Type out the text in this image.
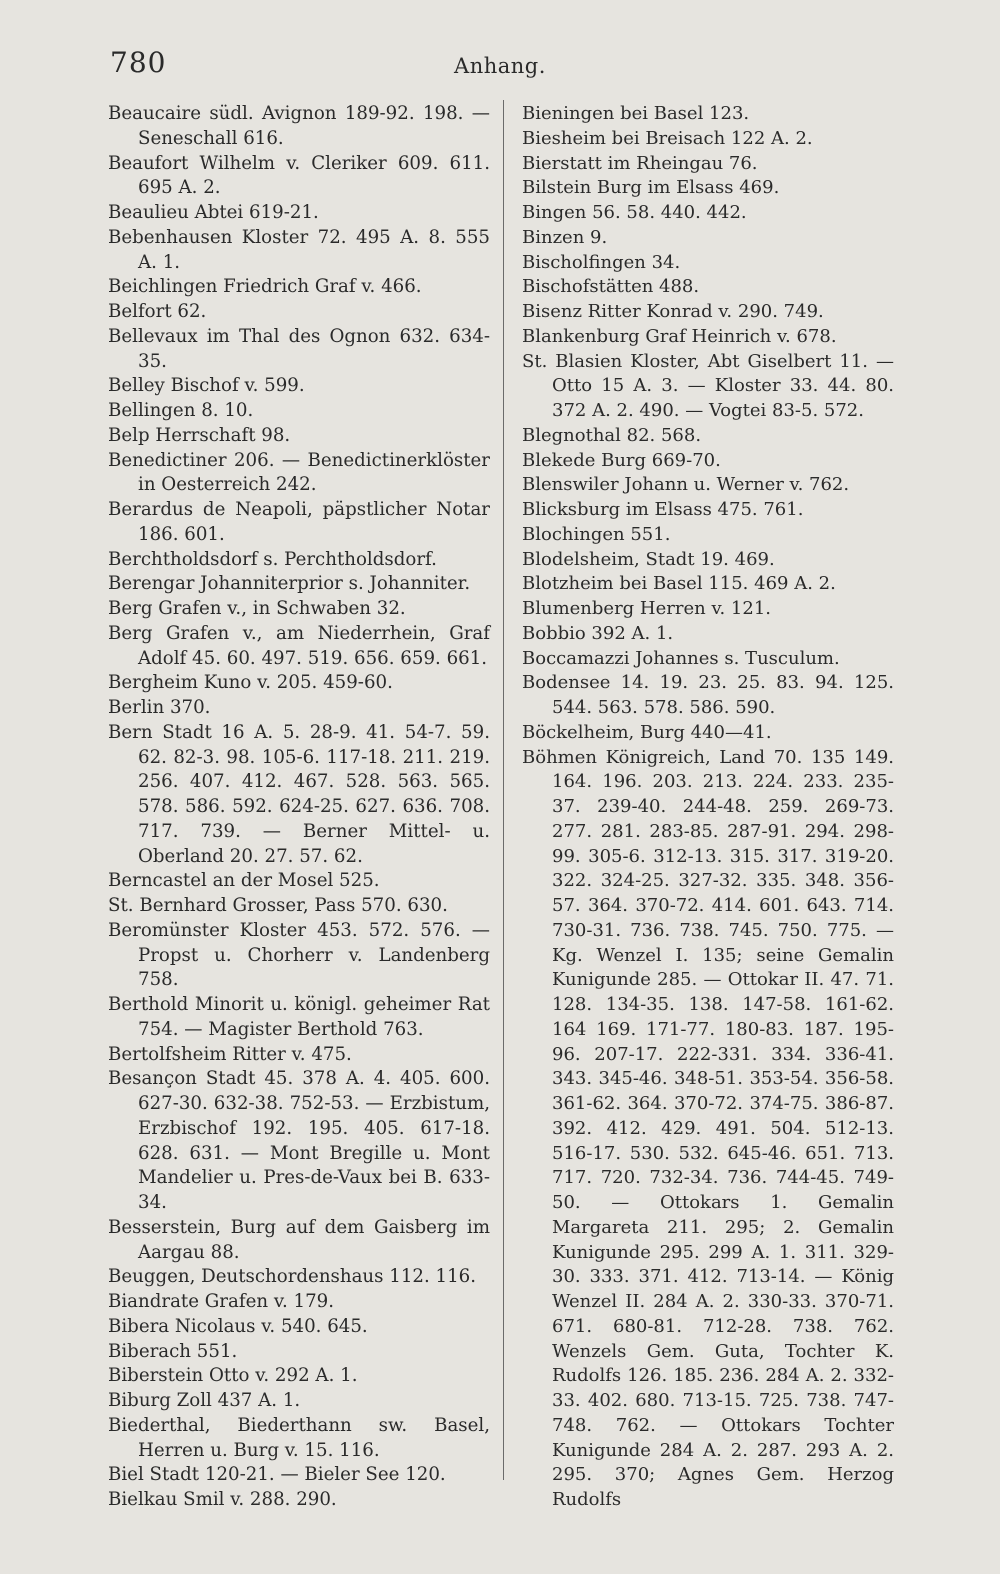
780	Anhang.

Beaucaire südl. Avignon 189-92. 198. — Seneschall 616.

Beaufort Wilhelm v. Cleriker 609. 611. 695 A. 2.

Beaulieu Abtei 619-21.

Bebenhausen Kloster 72. 495 A. 8. 555 A. 1.

Beichlingen Friedrich Graf v. 466.

Belfort 62.

Bellevaux im Thal des Ognon 632. 634-35.

Belley Bischof v. 599.

Bellingen 8. 10.

Belp Herrschaft 98.

Benedictiner 206. — Benedictinerklöster in Oesterreich 242.

Berardus de Neapoli, päpstlicher Notar 186. 601.

Berchtholdsdorf s. Perchtholdsdorf.

Berengar Johanniterprior s. Johanniter.

Berg Grafen v., in Schwaben 32.

Berg Grafen v., am Niederrhein, Graf Adolf 45. 60. 497. 519. 656. 659. 661.

Bergheim Kuno v. 205. 459-60.

Berlin 370.

Bern Stadt 16 A. 5. 28-9. 41. 54-7. 59. 62. 82-3. 98. 105-6. 117-18. 211. 219. 256. 407. 412. 467. 528. 563. 565. 578. 586. 592. 624-25. 627. 636. 708. 717. 739. — Berner Mittel- u. Oberland 20. 27. 57. 62.

Berncastel an der Mosel 525.

St. Bernhard Grosser, Pass 570. 630.

Beromünster Kloster 453. 572. 576. — Propst u. Chorherr v. Landenberg 758.

Berthold Minorit u. königl. geheimer Rat 754. — Magister Berthold 763.

Bertolfsheim Ritter v. 475.

Besançon Stadt 45. 378 A. 4. 405. 600. 627-30. 632-38. 752-53. — Erzbistum, Erzbischof 192. 195. 405. 617-18. 628. 631. — Mont Bregille u. Mont Mandelier u. Pres-de-Vaux bei B. 633-34.

Besserstein, Burg auf dem Gaisberg im Aargau 88.

Beuggen, Deutschordenshaus 112. 116.

Biandrate Grafen v. 179.

Bibera Nicolaus v. 540. 645.

Biberach 551.

Biberstein Otto v. 292 A. 1.

Biburg Zoll 437 A. 1.

Biederthal, Biederthann sw. Basel, Herren u. Burg v. 15. 116.

Biel Stadt 120-21. — Bieler See 120.

Bielkau Smil v. 288. 290.

Bieningen bei Basel 123.

Biesheim bei Breisach 122 A. 2.

Bierstatt im Rheingau 76.

Bilstein Burg im Elsass 469.

Bingen 56. 58. 440. 442.

Binzen 9.

Bischolfingen 34.

Bischofstätten 488.

Bisenz Ritter Konrad v. 290. 749.

Blankenburg Graf Heinrich v. 678.

St. Blasien Kloster, Abt Giselbert 11. — Otto 15 A. 3. — Kloster 33. 44. 80. 372 A. 2. 490. — Vogtei 83-5. 572.

Blegnothal 82. 568.

Blekede Burg 669-70.

Blenswiler Johann u. Werner v. 762.

Blicksburg im Elsass 475. 761.

Blochingen 551.

Blodelsheim, Stadt 19. 469.

Blotzheim bei Basel 115. 469 A. 2.

Blumenberg Herren v. 121.

Bobbio 392 A. 1.

Boccamazzi Johannes s. Tusculum.

Bodensee 14. 19. 23. 25. 83. 94. 125. 544. 563. 578. 586. 590.

Böckelheim, Burg 440—41.

Böhmen Königreich, Land 70. 135 149. 164. 196. 203. 213. 224. 233. 235-37. 239-40. 244-48. 259. 269-73. 277. 281. 283-85. 287-91. 294. 298-99. 305-6. 312-13. 315. 317. 319-20. 322. 324-25. 327-32. 335. 348. 356-57. 364. 370-72. 414. 601. 643. 714. 730-31. 736. 738. 745. 750. 775. — Kg. Wenzel I. 135; seine Gemalin Kunigunde 285. — Ottokar II. 47. 71. 128. 134-35. 138. 147-58. 161-62. 164 169. 171-77. 180-83. 187. 195-96. 207-17. 222-331. 334. 336-41. 343. 345-46. 348-51. 353-54. 356-58. 361-62. 364. 370-72. 374-75. 386-87. 392. 412. 429. 491. 504. 512-13. 516-17. 530. 532. 645-46. 651. 713. 717. 720. 732-34. 736. 744-45. 749-50. — Ottokars 1. Gemalin Margareta 211. 295; 2. Gemalin Kunigunde 295. 299 A. 1. 311. 329-30. 333. 371. 412. 713-14. — König Wenzel II. 284 A. 2. 330-33. 370-71. 671. 680-81. 712-28. 738. 762. Wenzels Gem. Guta, Tochter K. Rudolfs 126. 185. 236. 284 A. 2. 332-33. 402. 680. 713-15. 725. 738. 747-748. 762. — Ottokars Tochter Kunigunde 284 A. 2. 287. 293 A. 2. 295. 370; Agnes Gem. Herzog Rudolfs
